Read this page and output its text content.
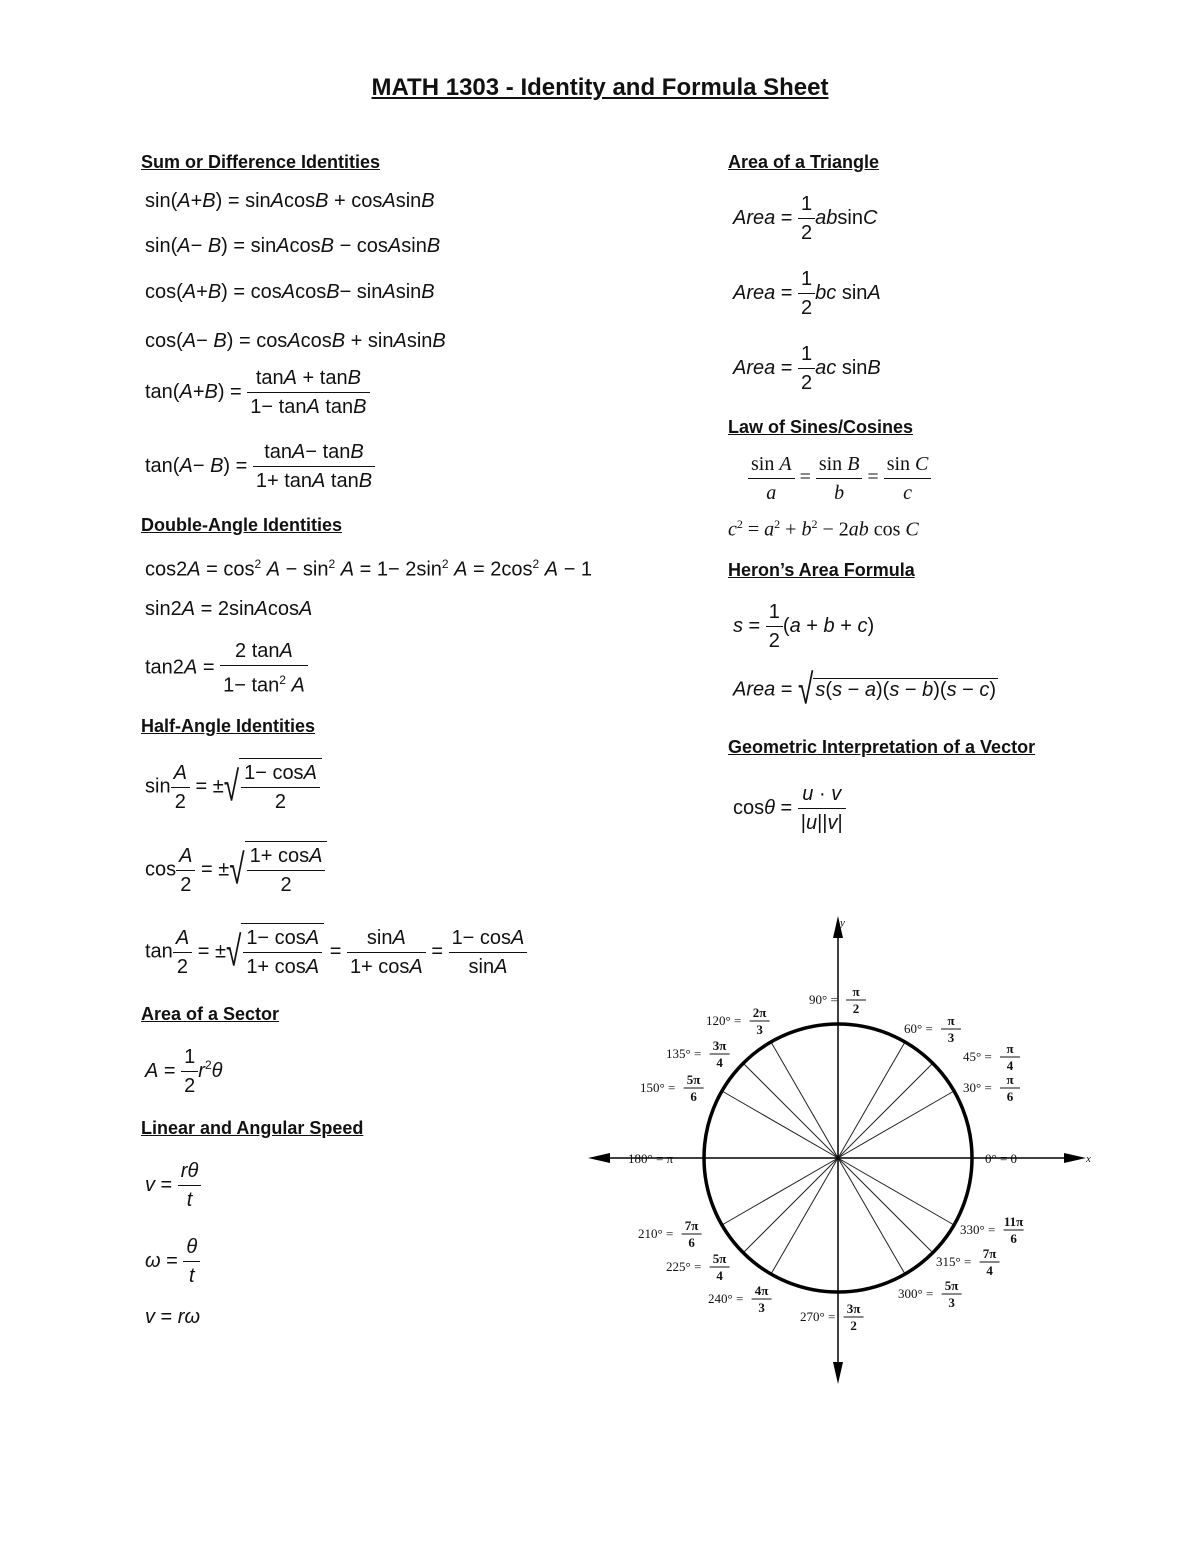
MATH 1303 - Identity and Formula Sheet
Sum or Difference Identities
sin(A+B) = sinAcosB + cosAsinB
sin(A− B) = sinAcosB − cosAsinB
cos(A+B) = cosAcosB− sinAsinB
cos(A− B) = cosAcosB + sinAsinB
$\tan(A+B) = \frac{\tan A + \tan B}{\text{1− tanA tanB}}$
$\tan(A- B) = \frac{\tan A- \tan B}{\text{1+ tanA tanB}}$
Double-Angle Identities
$\cos 2A = \cos^2 A - \sin^2 A = 1- 2\sin^2$ $A = 2\cos^2$ A − 1
sin2A = 2sinAcosA
$\tan 2A = \frac{2 \tan A}{1- \tan^2 A}$
Half-Angle Identities
$\sin \frac{A}{2}$ = ±√ $\frac{1- \cos A}{2}$
$\cos \frac{A}{2}$ = ±√ $\frac{1+ \cos A}{2}$
$\tan \frac{A}{2}$ = ±√ $\frac{1- \cos A}{1+ \cos A} = \frac{\sin A}{1+ \cos A} = \frac{1- \cos A}{\sin A}$
Area of a Sector
$A = \frac{1}{2} r^2\theta$
Linear and Angular Speed
$v = \frac{r\theta}{t}$
$\omega = \frac{\theta}{t}$
v = rω
Area of a Triangle
Area = $\frac{1}{2}$ absinC
Area = $\frac{1}{2}$ bc sinA
Area = $\frac{1}{2}$ ac sinB
Law of Sines/Cosines
$\frac{\text{sin A}}{a} = \frac{\text{sin B}}{b} = \frac{\text{sin C}}{c}$
$c^2 = a^2 + b^2 - 2ab$ cos C
Heron’s Area Formula
$s = \frac{1}{2} (a + b + c)$
Area = √ s(s − a)(s − b)(s − c)
Geometric Interpretation of a Vector
$\cos\theta = \frac{u \cdot v}{|u||v|}$
x
y
0° = 0
30° =
π
6
45° =
π
4
60° =
π
3
90° =
π
2
120° =
2π
3
135° =
3π
4
150° =
5π
6
180° = π
210° =
7π
6
225° =
5π
4
240° =
4π
3
270° =
3π
2
300° =
5π
3
315° =
7π
4
330° =
11π
6
